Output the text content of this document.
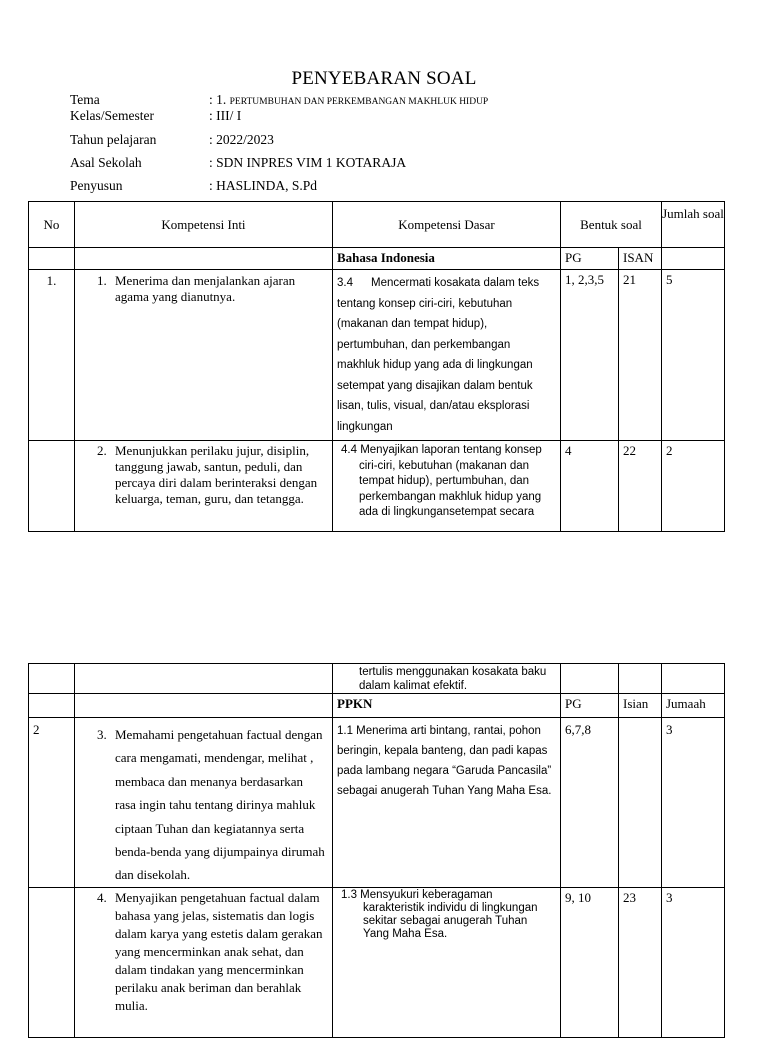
PENYEBARAN SOAL
Tema	: 1. PERTUMBUHAN DAN PERKEMBANGAN MAKHLUK HIDUP
Kelas/Semester	: III/ I
Tahun pelajaran	: 2022/2023
Asal Sekolah	: SDN INPRES VIM 1 KOTARAJA
Penyusun	: HASLINDA, S.Pd
No	Kompetensi Inti	Kompetensi Dasar	Bentuk soal		Jumlah soal
		Bahasa Indonesia	PG	ISAN	
1.	1. Menerima dan menjalankan ajaran agama yang dianutnya.	3.4 Mencermati kosakata dalam teks tentang konsep ciri-ciri, kebutuhan (makanan dan tempat hidup), pertumbuhan, dan perkembangan makhluk hidup yang ada di lingkungan setempat yang disajikan dalam bentuk lisan, tulis, visual, dan/atau eksplorasi lingkungan	1, 2,3,5	21	5

	2. Menunjukkan perilaku jujur, disiplin, tanggung jawab, santun, peduli, dan percaya diri dalam berinteraksi dengan keluarga, teman, guru, dan tetangga.	4.4 Menyajikan laporan tentang konsep ciri-ciri, kebutuhan (makanan dan tempat hidup), pertumbuhan, dan perkembangan makhluk hidup yang ada di lingkungansetempat secara	4	22	2
		tertulis menggunakan kosakata baku dalam kalimat efektif.			
		PPKN	PG	Isian	Jumaah
2	3. Memahami pengetahuan factual dengan cara mengamati, mendengar, melihat , membaca dan menanya berdasarkan rasa ingin tahu tentang dirinya mahluk ciptaan Tuhan dan kegiatannya serta benda-benda yang dijumpainya dirumah dan disekolah.	1.1 Menerima arti bintang, rantai, pohon beringin, kepala banteng, dan padi kapas pada lambang negara “Garuda Pancasila” sebagai anugerah Tuhan Yang Maha Esa.	6,7,8		3

	4. Menyajikan pengetahuan factual dalam bahasa yang jelas, sistematis dan logis dalam karya yang estetis dalam gerakan yang mencerminkan anak sehat, dan dalam tindakan yang mencerminkan perilaku anak beriman dan berahlak mulia.	1.3 Mensyukuri keberagaman karakteristik individu di lingkungan sekitar sebagai anugerah Tuhan Yang Maha Esa.	9, 10	23	3
